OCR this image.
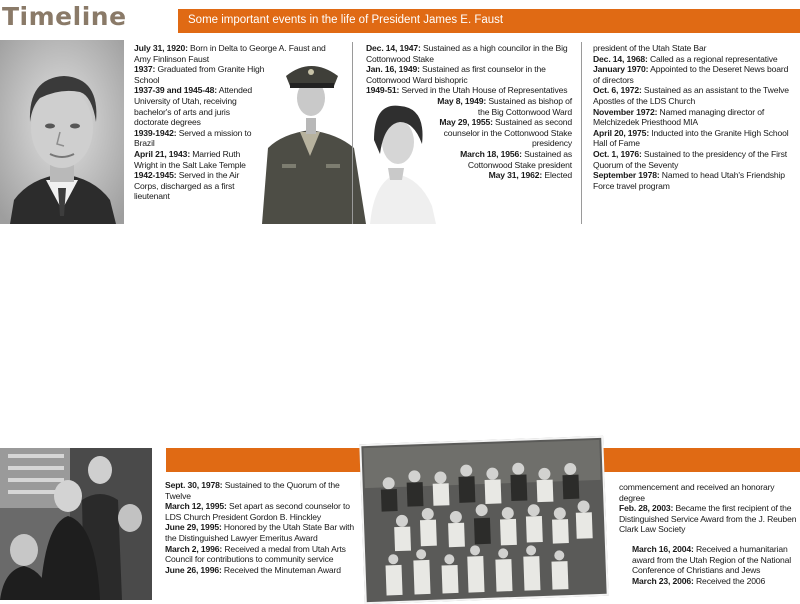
Timeline	Some important events in the life of President James E. Faust

July 31, 1920: Born in Delta to George A. Faust and Amy Finlinson Faust

1937: Graduated from Granite High School

1937-39 and 1945-48: Attended University of Utah, receiving bachelor's of arts and juris doctorate degrees

1939-1942: Served a mission to Brazil

April 21, 1943: Married Ruth Wright in the Salt Lake Temple

1942-1945: Served in the Air Corps, discharged as a first lieutenant

Dec. 14, 1947: Sustained as a high councilor in the Big Cottonwood Stake

Jan. 16, 1949: Sustained as first counselor in the Cottonwood Ward bishopric

1949-51: Served in the Utah House of Representatives

May 8, 1949: Sustained as bishop of the Big Cottonwood Ward

May 29, 1955: Sustained as second counselor in the Cottonwood Stake presidency

March 18, 1956: Sustained as Cottonwood Stake president

May 31, 1962: Elected

president of the Utah State Bar

Dec. 14, 1968: Called as a regional representative

January 1970: Appointed to the Deseret News board of directors

Oct. 6, 1972: Sustained as an assistant to the Twelve Apostles of the LDS Church

November 1972: Named managing director of Melchizedek Priesthood MIA

April 20, 1975: Inducted into the Granite High School Hall of Fame

Oct. 1, 1976: Sustained to the presidency of the First Quorum of the Seventy

September 1978: Named to head Utah's Friendship Force travel program

Sept. 30, 1978: Sustained to the Quorum of the Twelve

March 12, 1995: Set apart as second counselor to LDS Church President Gordon B. Hinckley

June 29, 1995: Honored by the Utah State Bar with the Distinguished Lawyer Emeritus Award

March 2, 1996: Received a medal from Utah Arts Council for contributions to community service

June 26, 1996: Received the Minuteman Award

commencement and received an honorary degree

Feb. 28, 2003: Became the first recipient of the Distinguished Service Award from the J. Reuben Clark Law Society

March 16, 2004: Received a humanitarian award from the Utah Region of the National Conference of Christians and Jews

March 23, 2006: Received the 2006
